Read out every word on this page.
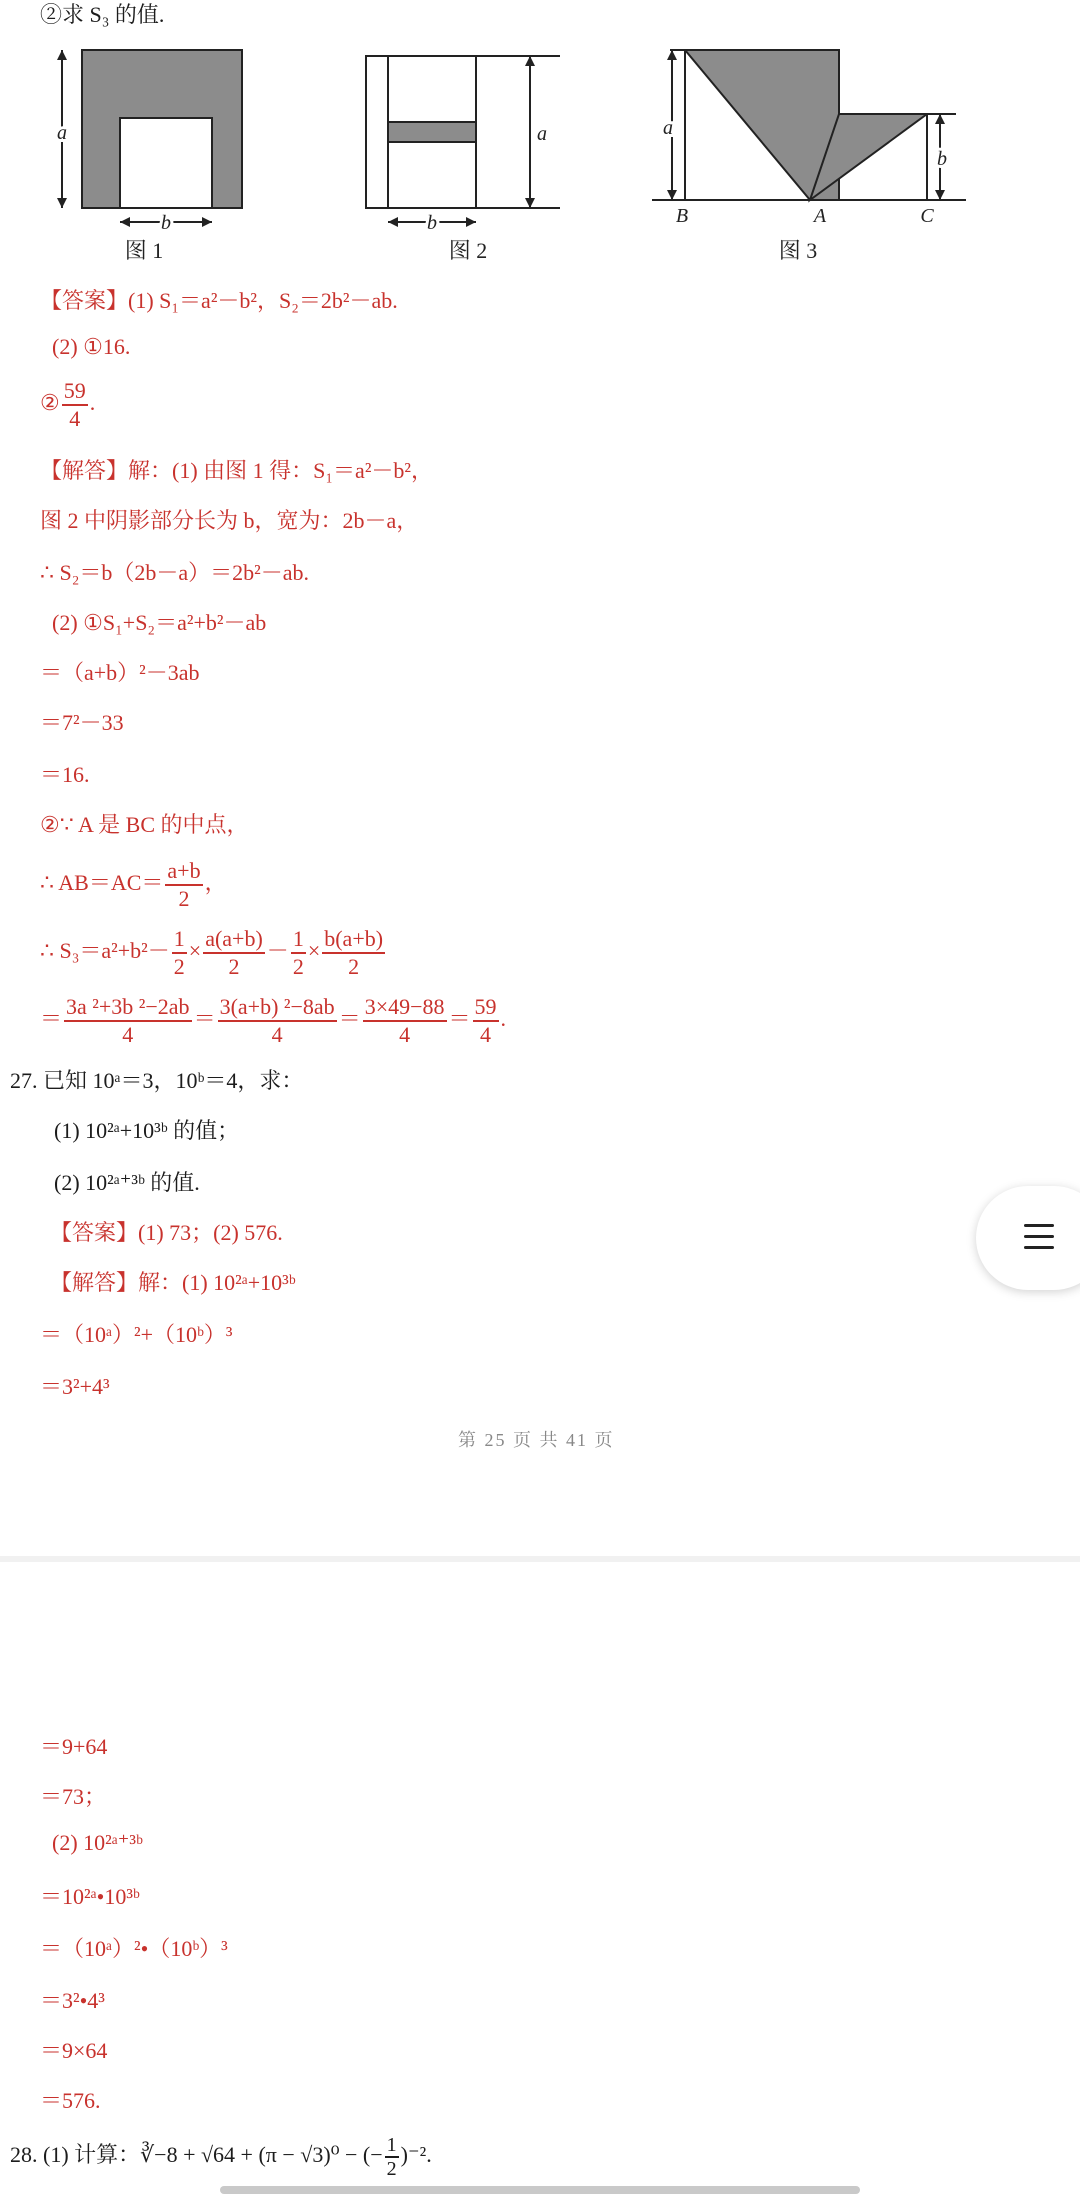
②求 S₃ 的值.
a
b
图 1
a
b
图 2
a
b
B	A	C
图 3
【答案】(1) S₁＝a²－b²，S₂＝2b²－ab.
(2) ①16.
② $\frac{59}{4}$ .
【解答】解：(1) 由图 1 得：S₁＝a²－b²，
图 2 中阴影部分长为 b，宽为：2b－a，
∴ S₂＝b（2b－a）＝2b²－ab.
(2) ①S₁+S₂＝a²+b²－ab
＝（a+b）²－3ab
＝7²－33
＝16.
②∵ A 是 BC 的中点，
∴ $AB=AC= \frac{a+b}{2}$ ，
∴ $S_3=a^2+b^2- \frac{1}{2} \times \frac{a(a+b)}{2} - \frac{1}{2} \times \frac{b(a+b)}{2}$
＝ $\frac{\text{3a ²+3b ²−2ab}}{4} = \frac{\text{3(a+b) ²−8ab}}{4} = \frac{3\times 49-88}{4} = \frac{59}{4}$ .
27. 已知 10ᵃ＝3，10ᵇ＝4，求：
(1) 10²ᵃ+10³ᵇ 的值；
(2) 10²ᵃ⁺³ᵇ 的值.
【答案】(1) 73；(2) 576.
【解答】解：(1) 10²ᵃ+10³ᵇ
＝（10ᵃ）²+（10ᵇ）³
＝3²+4³
第 25 页 共 41 页
＝9+64
＝73；
(2) 10²ᵃ⁺³ᵇ
＝10²ᵃ•10³ᵇ
＝（10ᵃ）²•（10ᵇ）³
＝3²•4³
＝9×64
＝576.
28. (1) 计算：∛−8 + √64 + (π − √3)⁰ − (− $\frac{1}{2} )^{-2}$.
